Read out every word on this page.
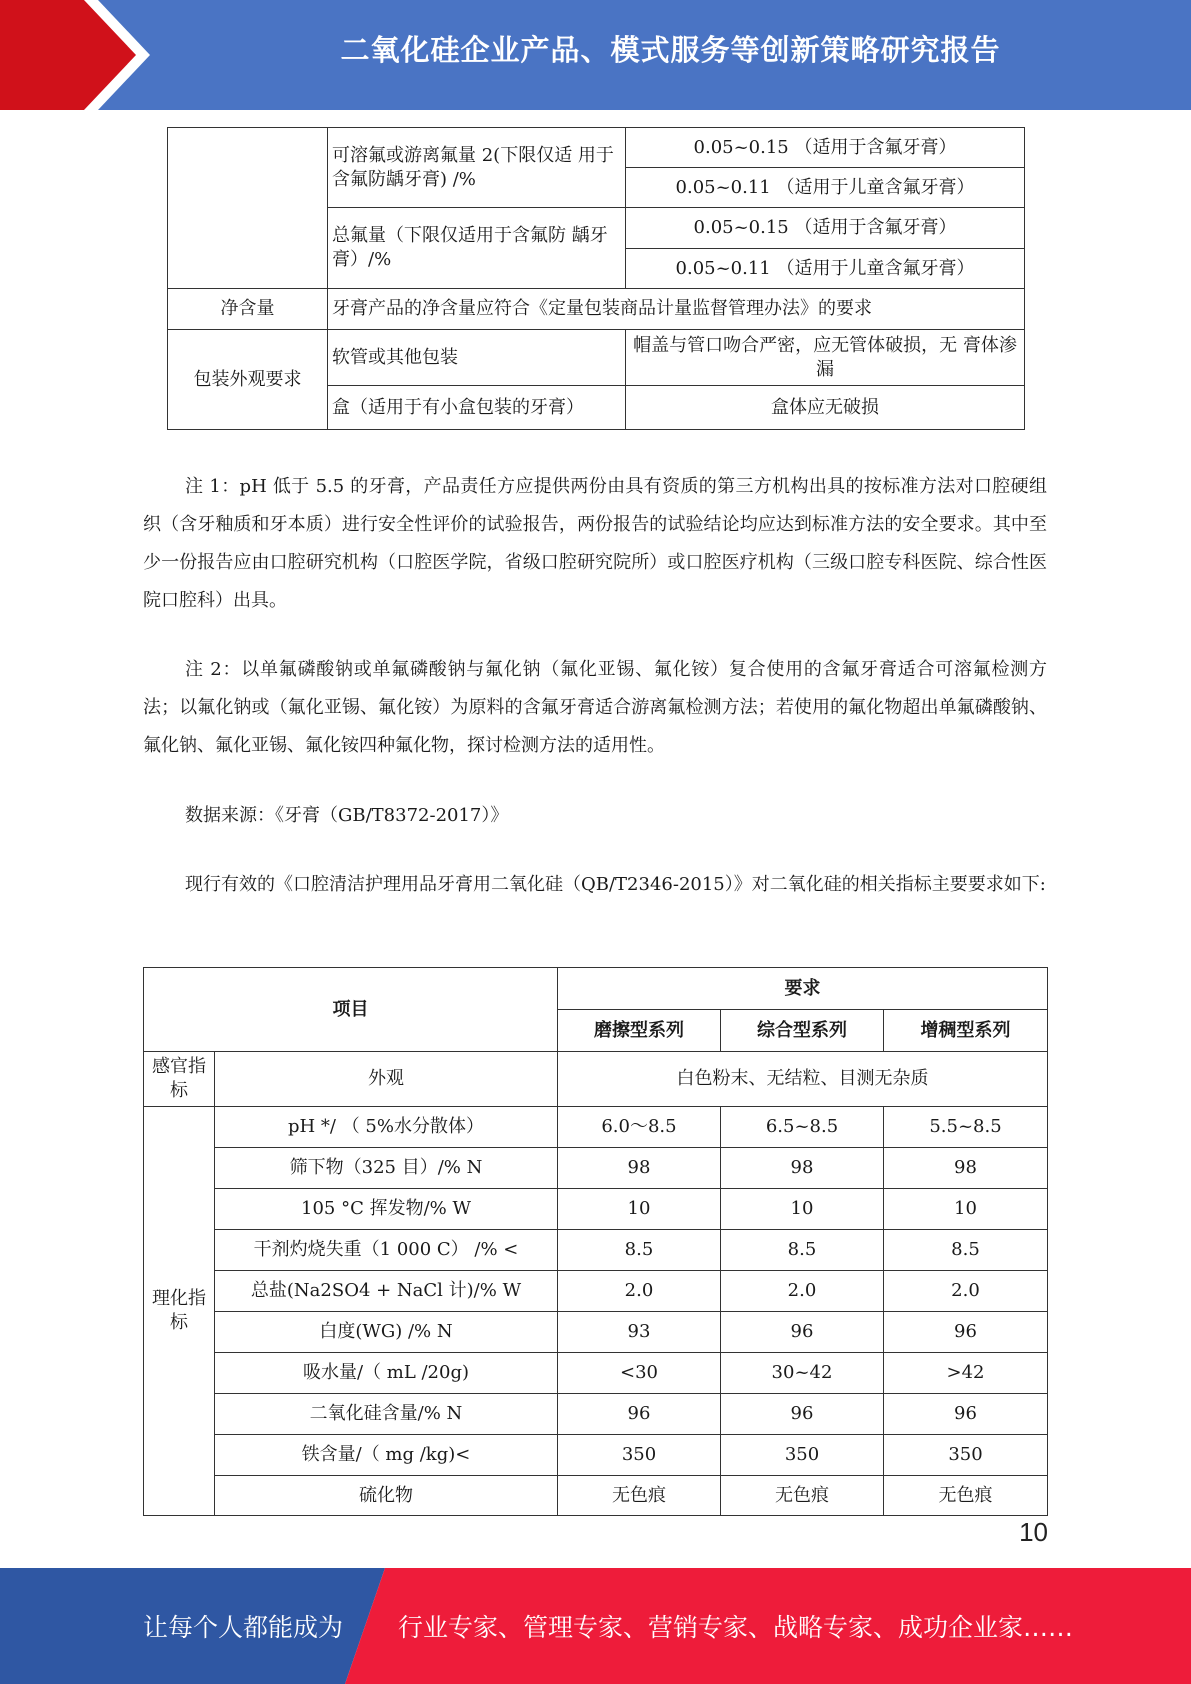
二氧化硅企业产品、模式服务等创新策略研究报告
	可溶氟或游离氟量 2(下限仅适 用于含氟防龋牙膏) /%	0.05~0.15 （适用于含氟牙膏）
		0.05~0.11 （适用于儿童含氟牙膏）
	总氟量（下限仅适用于含氟防 龋牙膏）/%	0.05~0.15 （适用于含氟牙膏）
		0.05~0.11 （适用于儿童含氟牙膏）
净含量	牙膏产品的净含量应符合《定量包装商品计量监督管理办法》的要求	
包装外观要求	软管或其他包装	帽盖与管口吻合严密，应无管体破损，无 膏体渗漏
	盒（适用于有小盒包装的牙膏）	盒体应无破损

注 1：pH 低于 5.5 的牙膏，产品责任方应提供两份由具有资质的第三方机构出具的按标准方法对口腔硬组织（含牙釉质和牙本质）进行安全性评价的试验报告，两份报告的试验结论均应达到标准方法的安全要求。其中至少一份报告应由口腔研究机构（口腔医学院，省级口腔研究院所）或口腔医疗机构（三级口腔专科医院、综合性医院口腔科）出具。

注 2：以单氟磷酸钠或单氟磷酸钠与氟化钠（氟化亚锡、氟化铵）复合使用的含氟牙膏适合可溶氟检测方法；以氟化钠或（氟化亚锡、氟化铵）为原料的含氟牙膏适合游离氟检测方法；若使用的氟化物超出单氟磷酸钠、氟化钠、氟化亚锡、氟化铵四种氟化物，探讨检测方法的适用性。

数据来源：《牙膏（GB/T8372-2017）》

现行有效的《口腔清洁护理用品牙膏用二氧化硅（QB/T2346-2015）》对二氧化硅的相关指标主要要求如下:

项目		要求		
		磨擦型系列	综合型系列	增稠型系列
感官指标	外观	白色粉末、无结粒、目测无杂质		
理化指标	pH */ （ 5%水分散体）	6.0〜8.5	6.5~8.5	5.5~8.5
	筛下物（325 目）/% N	98	98	98
	105 °C 挥发物/% W	10	10	10
	干剂灼烧失重（1 000 C） /% <	8.5	8.5	8.5
	总盐(Na2SO4 + NaCl 计)/% W	2.0	2.0	2.0
	白度(WG) /% N	93	96	96
	吸水量/（ mL /20g)	<30	30~42	>42
	二氧化硅含量/% N	96	96	96
	铁含量/（ mg /kg)<	350	350	350
	硫化物	无色痕	无色痕	无色痕
10
让每个人都能成为 行业专家、管理专家、营销专家、战略专家、成功企业家……
